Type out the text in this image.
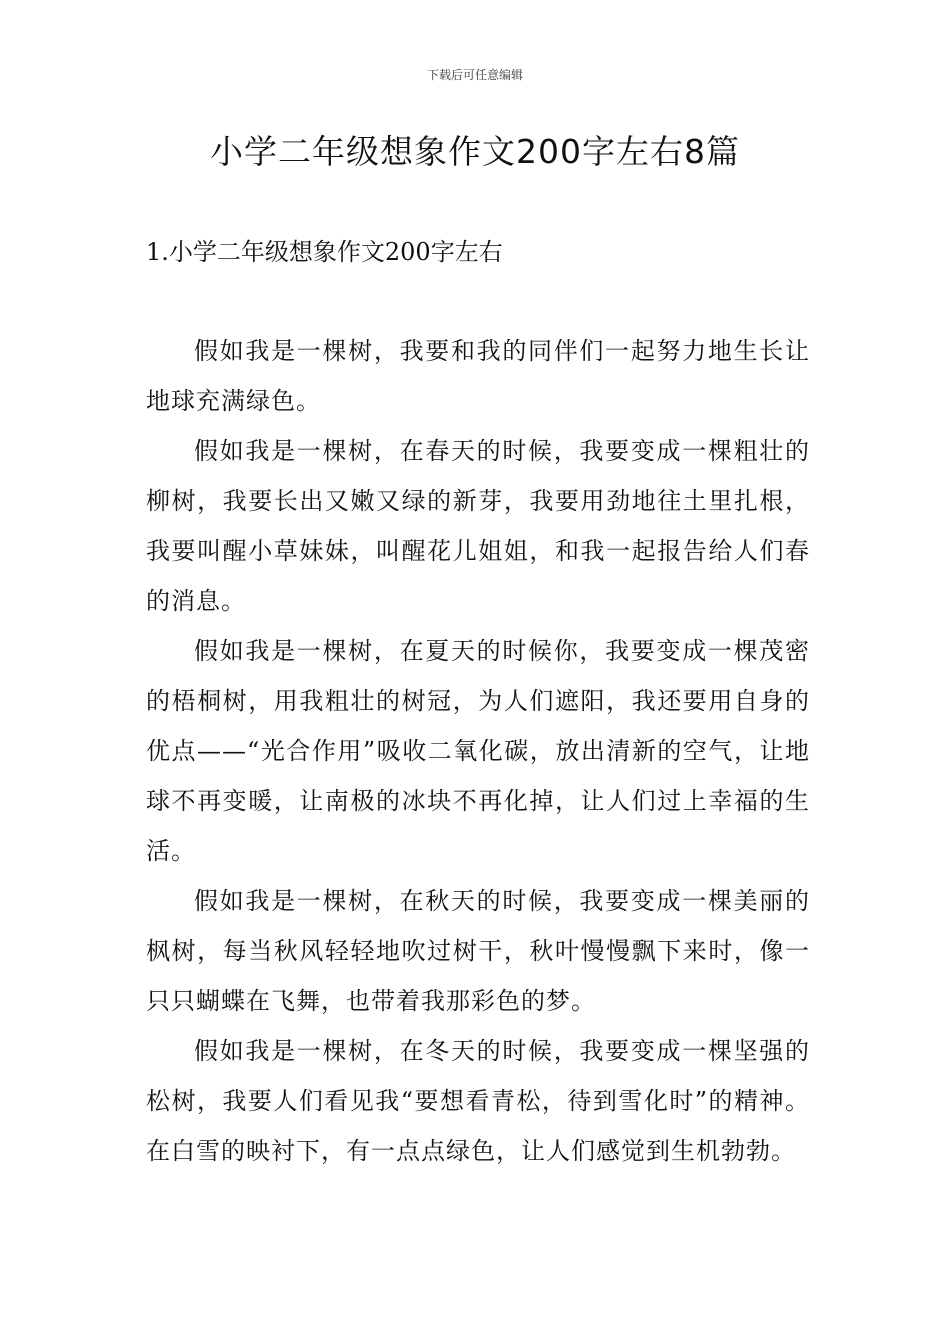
下载后可任意编辑
小学二年级想象作文200字左右8篇
1.小学二年级想象作文200字左右

假如我是一棵树，我要和我的同伴们一起努力地生长让地球充满绿色。

假如我是一棵树，在春天的时候，我要变成一棵粗壮的柳树，我要长出又嫩又绿的新芽，我要用劲地往土里扎根，我要叫醒小草妹妹，叫醒花儿姐姐，和我一起报告给人们春的消息。

假如我是一棵树，在夏天的时候你，我要变成一棵茂密的梧桐树，用我粗壮的树冠，为人们遮阳，我还要用自身的优点——“光合作用”吸收二氧化碳，放出清新的空气，让地球不再变暖，让南极的冰块不再化掉，让人们过上幸福的生活。

假如我是一棵树，在秋天的时候，我要变成一棵美丽的枫树，每当秋风轻轻地吹过树干，秋叶慢慢飘下来时，像一只只蝴蝶在飞舞，也带着我那彩色的梦。

假如我是一棵树，在冬天的时候，我要变成一棵坚强的松树，我要人们看见我“要想看青松，待到雪化时”的精神。在白雪的映衬下，有一点点绿色，让人们感觉到生机勃勃。
